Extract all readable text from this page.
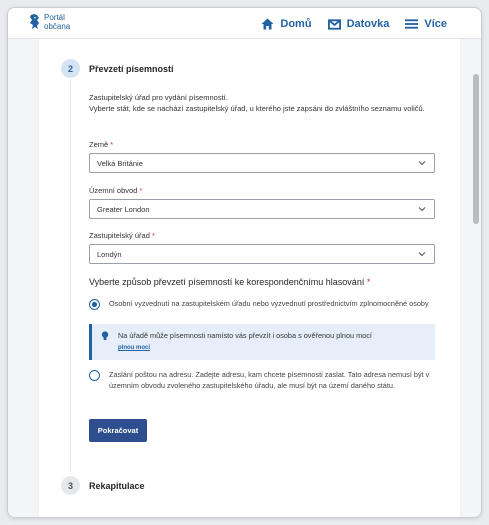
Portál
občana	Domů	Datovka	Více
2	Převzetí písemností
Zastupitelský úřad pro vydání písemností.
Vyberte stát, kde se nachází zastupitelský úřad, u kterého jste zapsáni do zvláštního seznamu voličů.
Země *
Velká Británie
Územní obvod *
Greater London
Zastupitelský úřad *
Londýn
Vyberte způsob převzetí písemností ke korespondenčnímu hlasování *
Osobní vyzvednutí na zastupitelském úřadu nebo vyzvednutí prostřednictvím zplnomocněné osoby
Na úřadě může písemnosti namísto vás převzít i osoba s ověřenou plnou mocí
plnou mocí
Zaslání poštou na adresu. Zadejte adresu, kam chcete písemnosti zaslat. Tato adresa nemusí být v územním obvodu zvoleného zastupitelského úřadu, ale musí být na území daného státu.
Pokračovat
3	Rekapitulace
